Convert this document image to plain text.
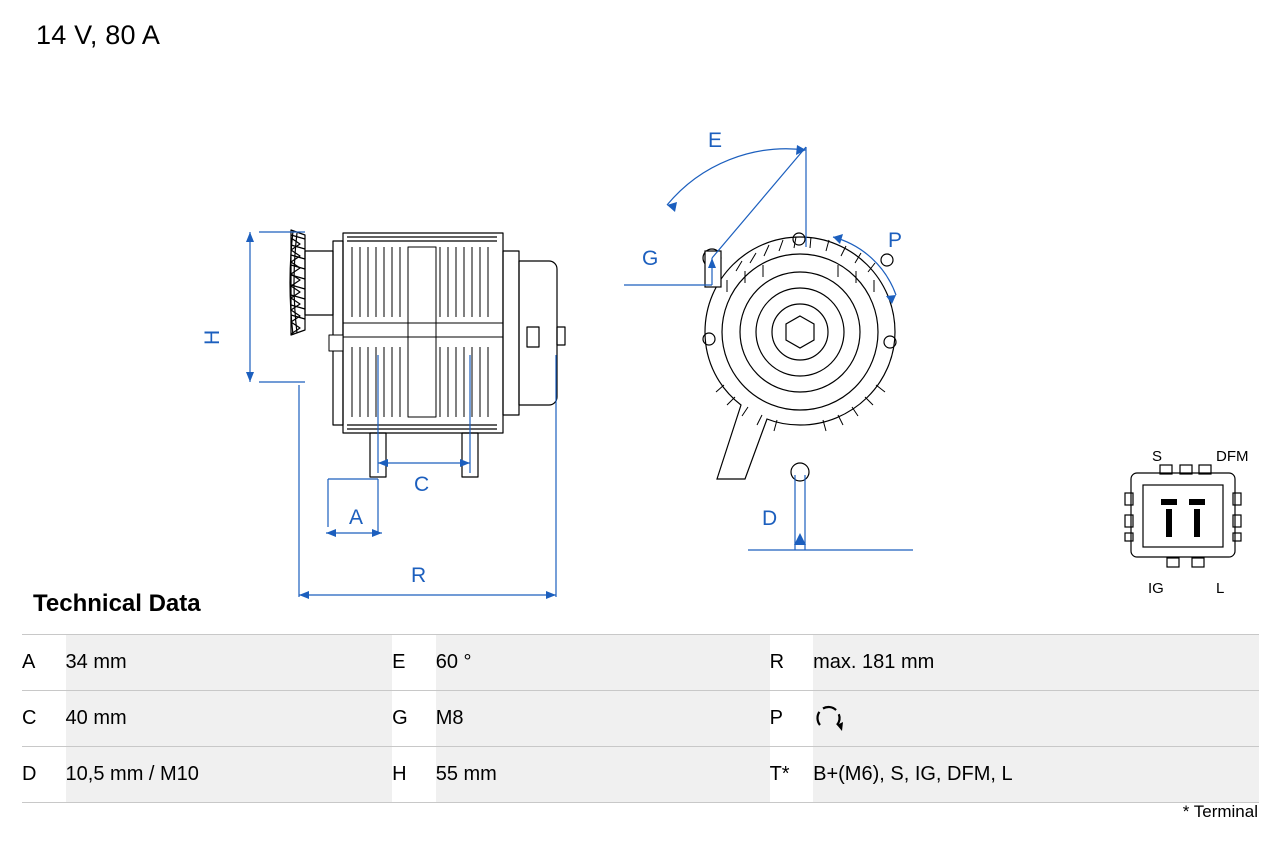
14 V, 80 A
H
A
C
R
E
G
P
D
S	DFM
IG	L
Technical Data
A	34 mm	E	60 °	R	max. 181 mm
C	40 mm	G	M8	P	

D	10,5 mm / M10	H	55 mm	T*	B+(M6), S, IG, DFM, L
* Terminal
